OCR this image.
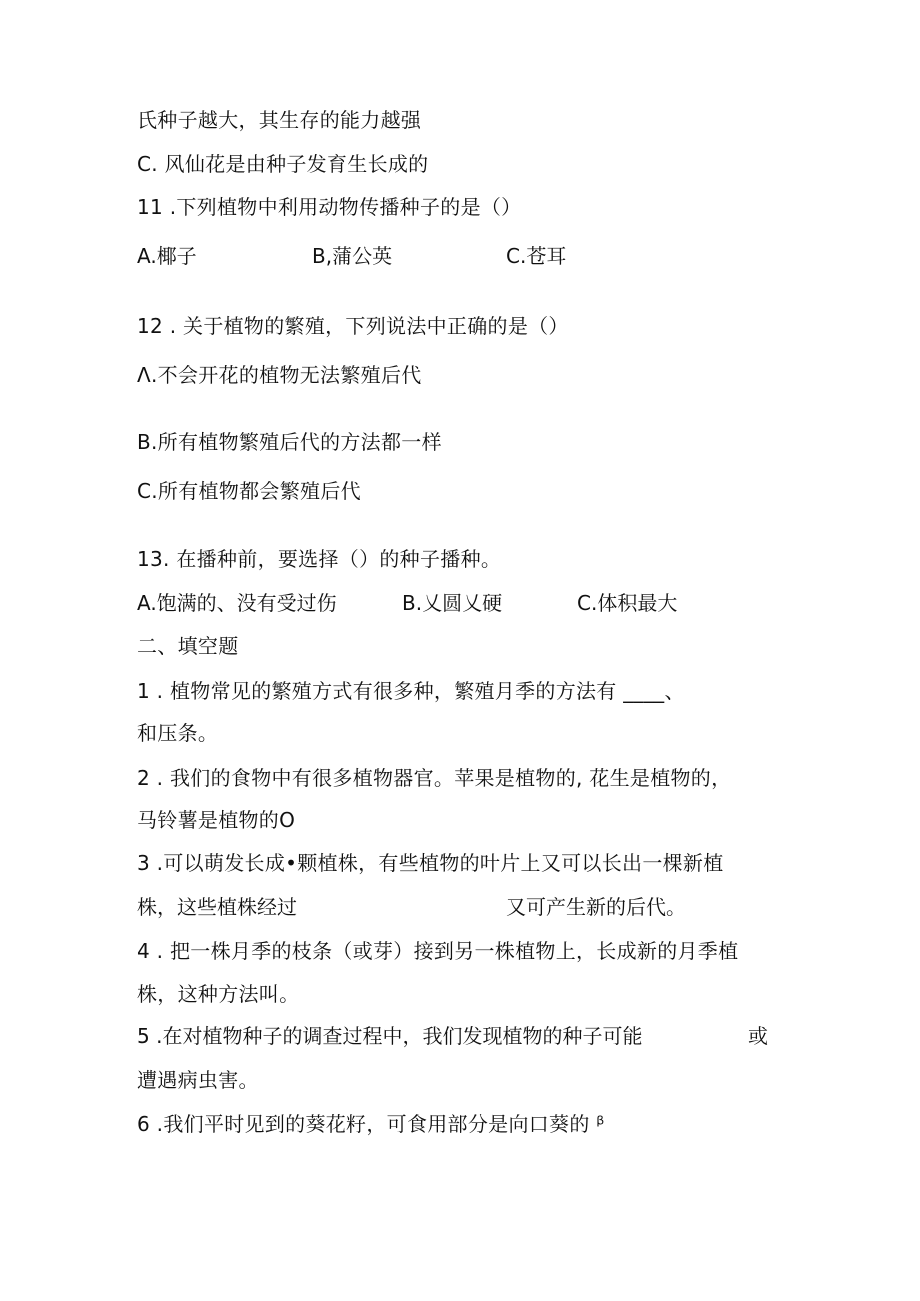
氏种子越大，其生存的能力越强
C. 风仙花是由种子发育生长成的
11 .下列植物中利用动物传播种子的是（）
A.椰子	B,蒲公英	C.苍耳
12 . 关于植物的繁殖，下列说法中正确的是（）
Λ.不会开花的植物无法繁殖后代
B.所有植物繁殖后代的方法都一样
C.所有植物都会繁殖后代
13. 在播种前，要选择（）的种子播种。
A.饱满的、没有受过伤	B.乂圆乂硬	C.体积最大
二、填空题
1 . 植物常见的繁殖方式有很多种，繁殖月季的方法有 ____、
和压条。
2 . 我们的食物中有很多植物器官。苹果是植物的, 花生是植物的，
马铃薯是植物的O
3 .可以萌发长成•颗植株，有些植物的叶片上又可以长出一棵新植
株，这些植株经过	又可产生新的后代。
4 . 把一株月季的枝条（或芽）接到另一株植物上，长成新的月季植
株，这种方法叫。
5 .在对植物种子的调查过程中，我们发现植物的种子可能	或
遭遇病虫害。
6 .我们平时见到的葵花籽，可食用部分是向口葵的 ᵝ
